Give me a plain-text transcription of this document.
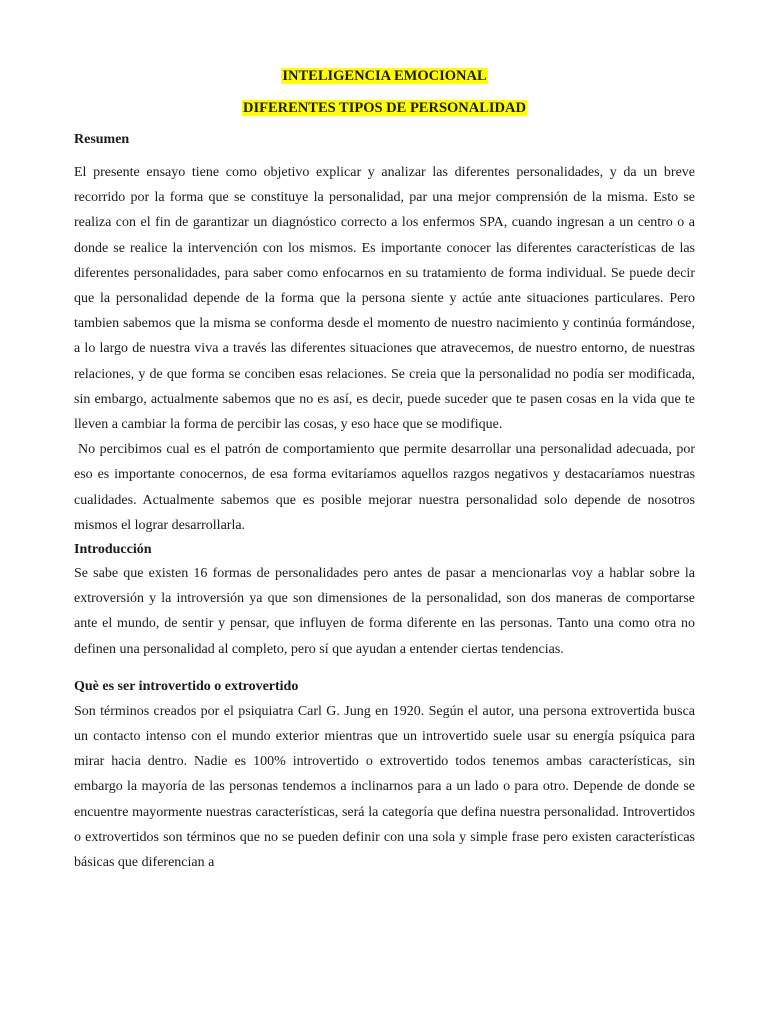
INTELIGENCIA EMOCIONAL

DIFERENTES TIPOS DE PERSONALIDAD

Resumen

El presente ensayo tiene como objetivo explicar y analizar las diferentes personalidades, y da un breve recorrido por la forma que se constituye la personalidad, par una mejor comprensión de la misma. Esto se realiza con el fin de garantizar un diagnóstico correcto a los enfermos SPA, cuando ingresan a un centro o a donde se realice la intervención con los mismos. Es importante conocer las diferentes características de las diferentes personalidades, para saber como enfocarnos en su tratamiento de forma individual. Se puede decir que la personalidad depende de la forma que la persona siente y actúe ante situaciones particulares. Pero tambien sabemos que la misma se conforma desde el momento de nuestro nacimiento y continúa formándose, a lo largo de nuestra viva a través las diferentes situaciones que atravecemos, de nuestro entorno, de nuestras relaciones, y de que forma se conciben esas relaciones. Se creia que la personalidad no podía ser modificada, sin embargo, actualmente sabemos que no es así, es decir, puede suceder que te pasen cosas en la vida que te lleven a cambiar la forma de percibir las cosas, y eso hace que se modifique.

No percibimos cual es el patrón de comportamiento que permite desarrollar una personalidad adecuada, por eso es importante conocernos, de esa forma evitaríamos aquellos razgos negativos y destacaríamos nuestras cualidades. Actualmente sabemos que es posible mejorar nuestra personalidad solo depende de nosotros mismos el lograr desarrollarla.

Introducción

Se sabe que existen 16 formas de personalidades pero antes de pasar a mencionarlas voy a hablar sobre la extroversión y la introversión ya que son dimensiones de la personalidad, son dos maneras de comportarse ante el mundo, de sentir y pensar, que influyen de forma diferente en las personas. Tanto una como otra no definen una personalidad al completo, pero sí que ayudan a entender ciertas tendencias.

Què es ser introvertido o extrovertido

Son términos creados por el psiquiatra Carl G. Jung en 1920. Según el autor, una persona extrovertida busca un contacto intenso con el mundo exterior mientras que un introvertido suele usar su energía psíquica para mirar hacia dentro. Nadie es 100% introvertido o extrovertido todos tenemos ambas características, sin embargo la mayoría de las personas tendemos a inclinarnos para a un lado o para otro. Depende de donde se encuentre mayormente nuestras características, será la categoría que defina nuestra personalidad. Introvertidos o extrovertidos son términos que no se pueden definir con una sola y simple frase pero existen características básicas que diferencian a
